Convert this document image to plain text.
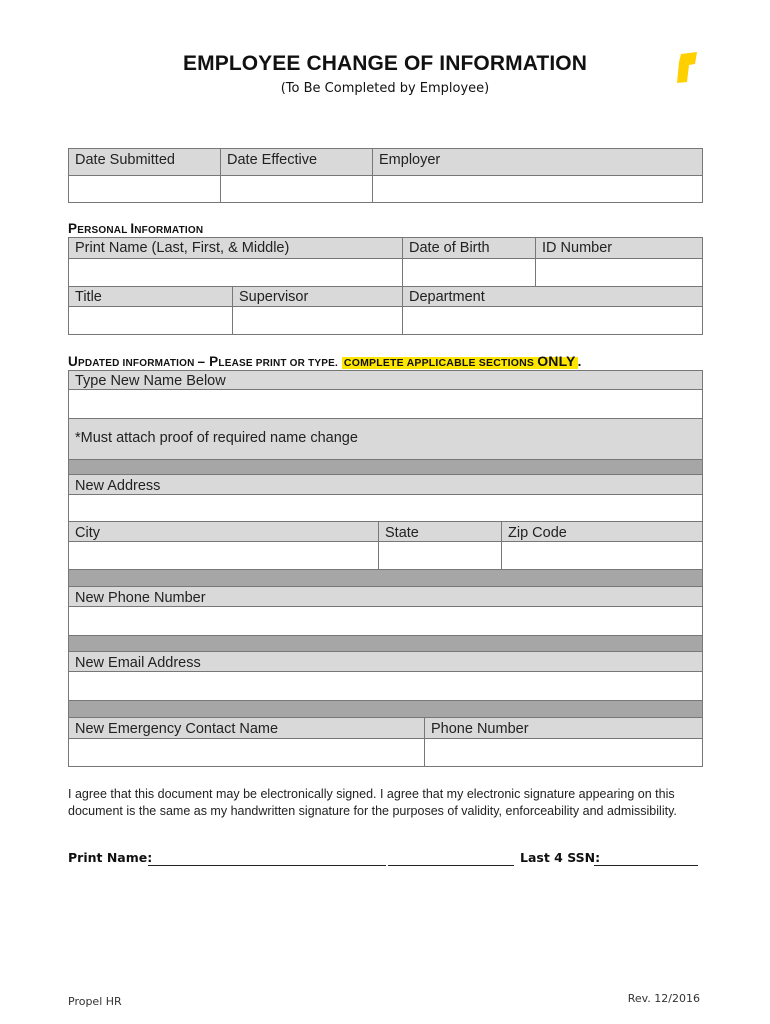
EMPLOYEE CHANGE OF INFORMATION
(To Be Completed by Employee)
Date Submitted	Date Effective	Employer
PERSONAL INFORMATION
Print Name (Last, First, & Middle)	Date of Birth	ID Number
Title	Supervisor	Department
UPDATED INFORMATION – PLEASE PRINT OR TYPE. COMPLETE APPLICABLE SECTIONS ONLY .
Type New Name Below
*Must attach proof of required name change
New Address
City	State	Zip Code
New Phone Number
New Email Address
New Emergency Contact Name	Phone Number
I agree that this document may be electronically signed. I agree that my electronic signature appearing on this document is the same as my handwritten signature for the purposes of validity, enforceability and admissibility.
Print Name:	Last 4 SSN:
Propel HR	Rev. 12/2016
